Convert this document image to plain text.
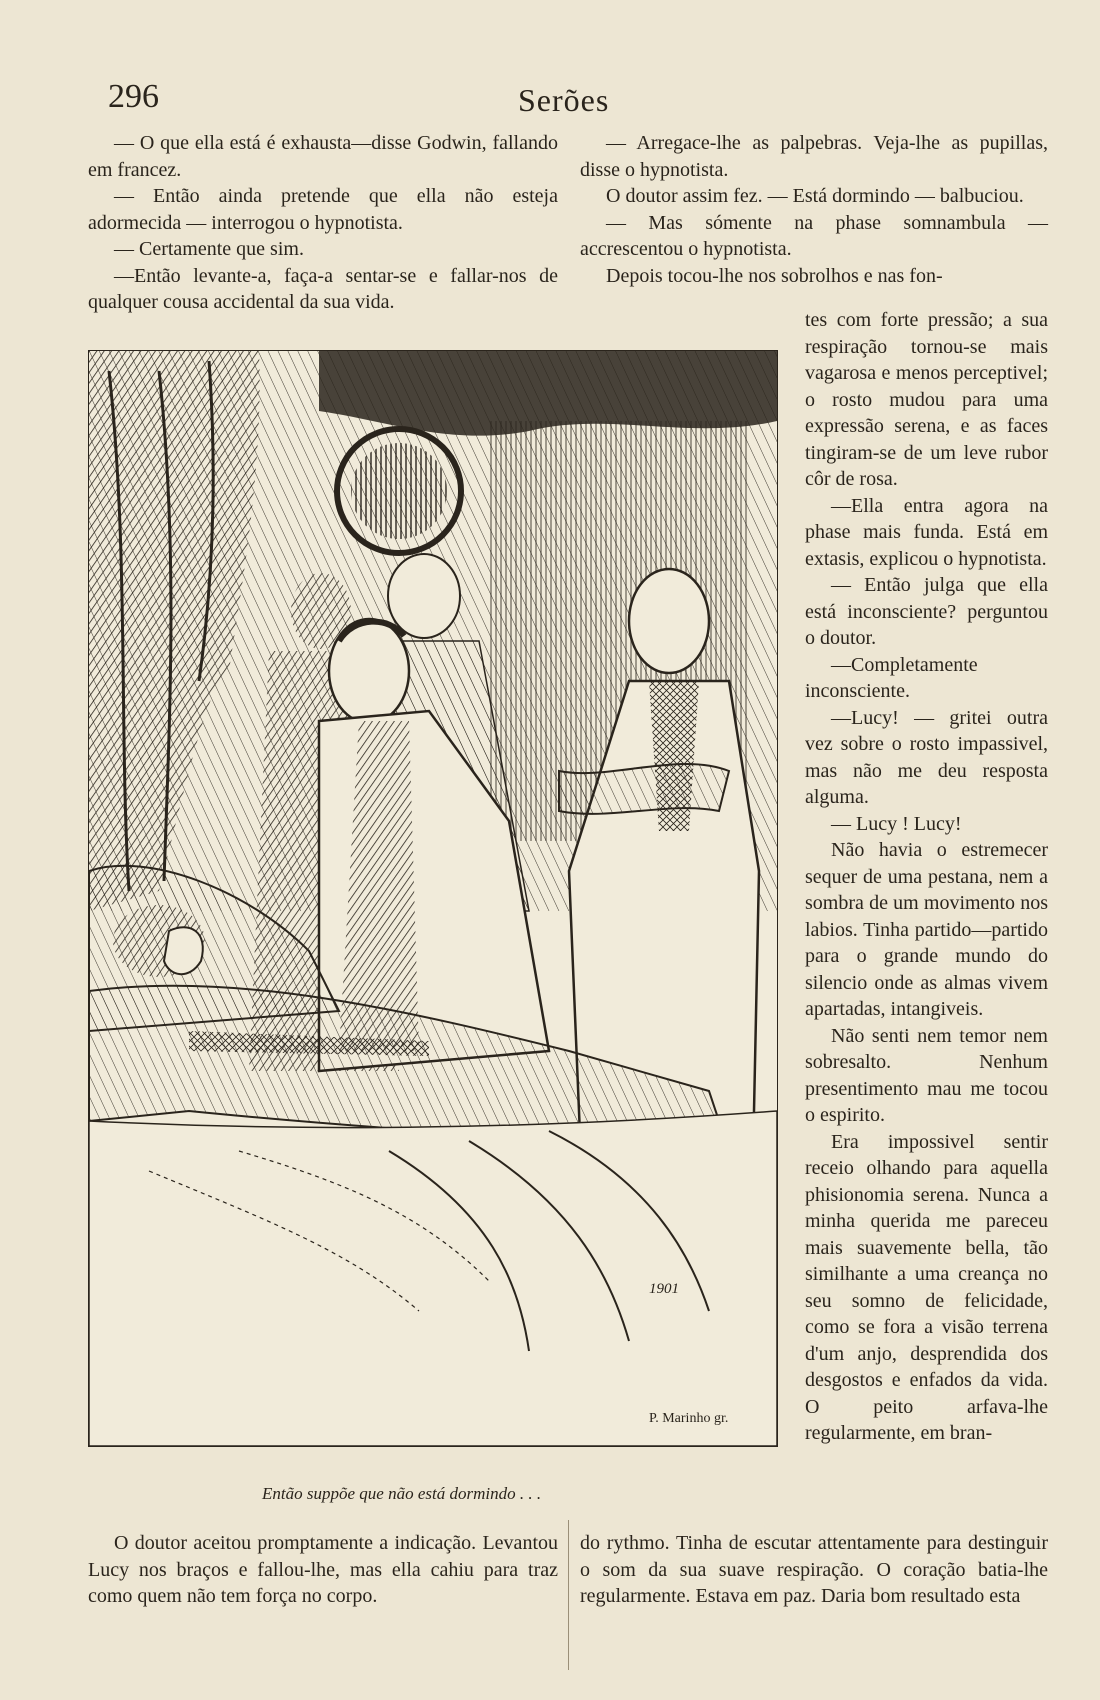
296	Serões

— O que ella está é exhausta—disse Godwin, fallando em francez.

— Então ainda pretende que ella não esteja adormecida — interrogou o hypnotista.

— Certamente que sim.

—Então levante-a, faça-a sentar-se e fallar-nos de qualquer cousa accidental da sua vida.

— Arregace-lhe as palpebras. Veja-lhe as pupillas, disse o hypnotista.

O doutor assim fez. — Está dormindo — balbuciou.

— Mas sómente na phase somnambula — accrescentou o hypnotista.

Depois tocou-lhe nos sobrolhos e nas fon-

tes com forte pressão; a sua respiração tornou-se mais vagarosa e menos perceptivel; o rosto mudou para uma expressão serena, e as faces tingiram-se de um leve rubor côr de rosa.

—Ella entra agora na phase mais funda. Está em extasis, explicou o hypnotista.

— Então julga que ella está inconsciente? perguntou o doutor.

—Completamente inconsciente.

—Lucy! — gritei outra vez sobre o rosto impassivel, mas não me deu resposta alguma.

— Lucy ! Lucy!

Não havia o estremecer sequer de uma pestana, nem a sombra de um movimento nos labios. Tinha partido—partido para o grande mundo do silencio onde as almas vivem apartadas, intangiveis.

Não senti nem temor nem sobresalto. Nenhum presentimento mau me tocou o espirito.

Era impossivel sentir receio olhando para aquella phisionomia serena. Nunca a minha querida me pareceu mais suavemente bella, tão similhante a uma creança no seu somno de felicidade, como se fora a visão terrena d'um anjo, desprendida dos desgostos e enfados da vida. O peito arfava-lhe regularmente, em bran-

1901
P. Marinho gr.
Então suppõe que não está dormindo . . .

O doutor aceitou promptamente a indicação. Levantou Lucy nos braços e fallou-lhe, mas ella cahiu para traz como quem não tem força no corpo.

do rythmo. Tinha de escutar attentamente para destinguir o som da sua suave respiração. O coração batia-lhe regularmente. Estava em paz. Daria bom resultado esta
